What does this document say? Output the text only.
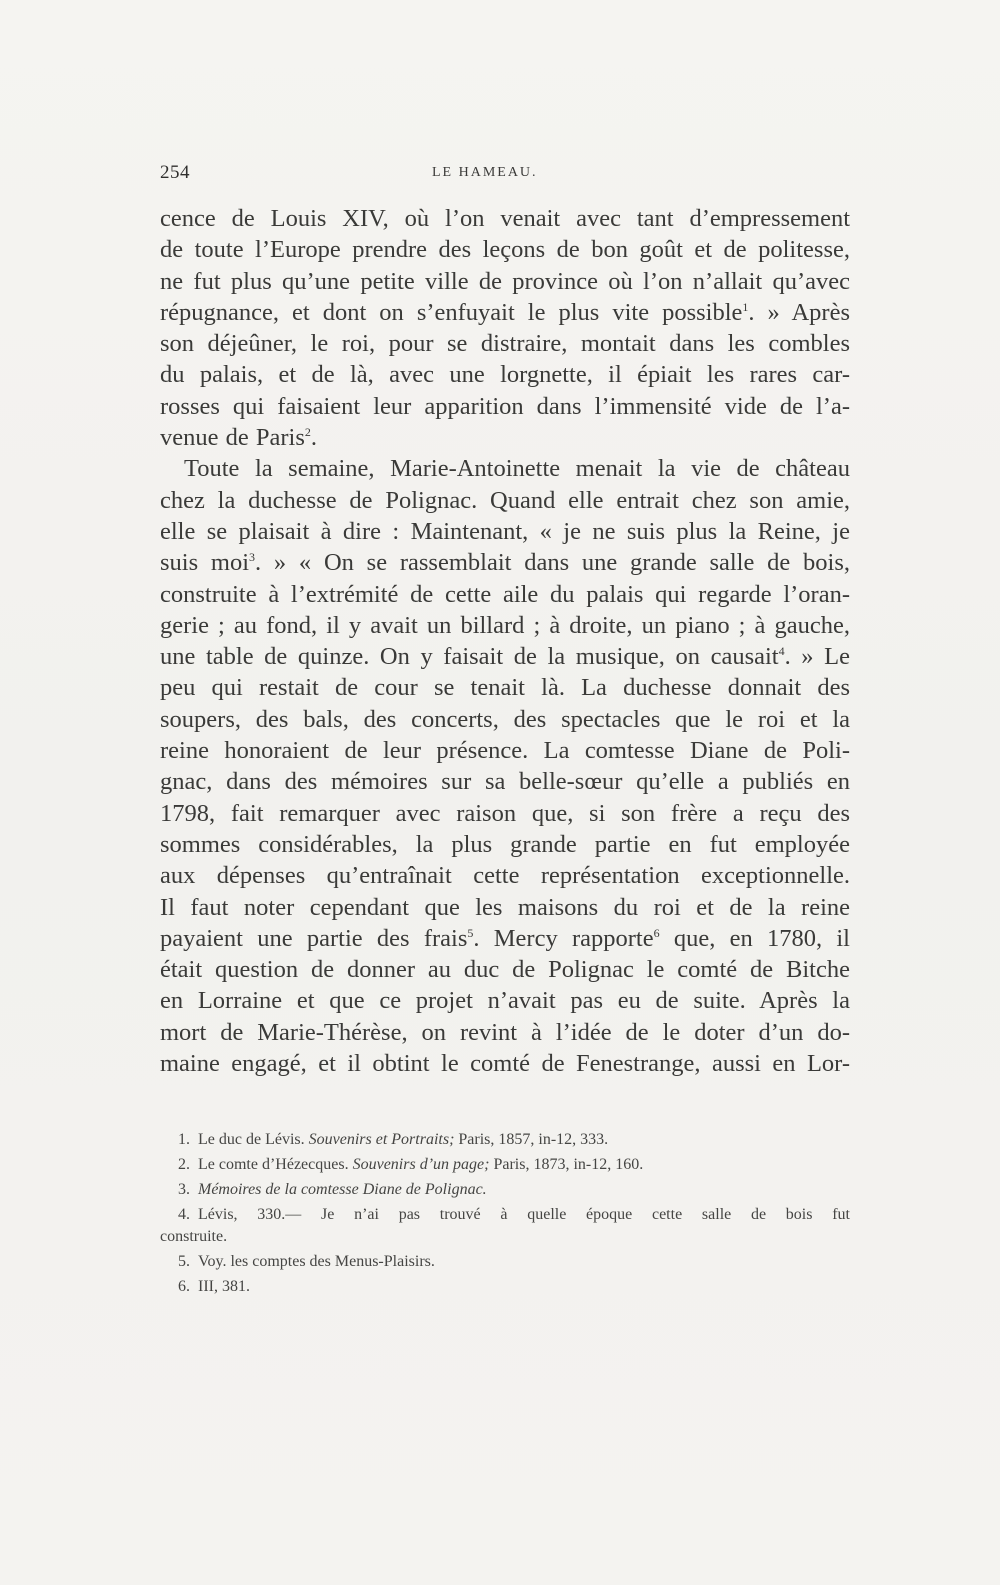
254	LE HAMEAU.
cence de Louis XIV, où l’on venait avec tant d’empressement
de toute l’Europe prendre des leçons de bon goût et de politesse,
ne fut plus qu’une petite ville de province où l’on n’allait qu’avec
répugnance, et dont on s’enfuyait le plus vite possible$^1$. » Après
son déjeûner, le roi, pour se distraire, montait dans les combles
du palais, et de là, avec une lorgnette, il épiait les rares car-
rosses qui faisaient leur apparition dans l’immensité vide de l’a-
venue de Paris$^2$.
Toute la semaine, Marie-Antoinette menait la vie de château
chez la duchesse de Polignac. Quand elle entrait chez son amie,
elle se plaisait à dire : Maintenant, « je ne suis plus la Reine, je
suis moi$^3$. » « On se rassemblait dans une grande salle de bois,
construite à l’extrémité de cette aile du palais qui regarde l’oran-
gerie ; au fond, il y avait un billard ; à droite, un piano ; à gauche,
une table de quinze. On y faisait de la musique, on causait$^4$. » Le
peu qui restait de cour se tenait là. La duchesse donnait des
soupers, des bals, des concerts, des spectacles que le roi et la
reine honoraient de leur présence. La comtesse Diane de Poli-
gnac, dans des mémoires sur sa belle-sœur qu’elle a publiés en
1798, fait remarquer avec raison que, si son frère a reçu des
sommes considérables, la plus grande partie en fut employée
aux dépenses qu’entraînait cette représentation exceptionnelle.
Il faut noter cependant que les maisons du roi et de la reine
payaient une partie des frais$^5$. Mercy rapporte$^6$ que, en 1780, il
était question de donner au duc de Polignac le comté de Bitche
en Lorraine et que ce projet n’avait pas eu de suite. Après la
mort de Marie-Thérèse, on revint à l’idée de le doter d’un do-
maine engagé, et il obtint le comté de Fenestrange, aussi en Lor-
1. Le duc de Lévis. Souvenirs et Portraits; Paris, 1857, in-12, 333.
2. Le comte d’Hézecques. Souvenirs d’un page; Paris, 1873, in-12, 160.
3. Mémoires de la comtesse Diane de Polignac.
4. Lévis, 330.— Je n’ai pas trouvé à quelle époque cette salle de bois fut
construite.
5. Voy. les comptes des Menus-Plaisirs.
6. III, 381.
